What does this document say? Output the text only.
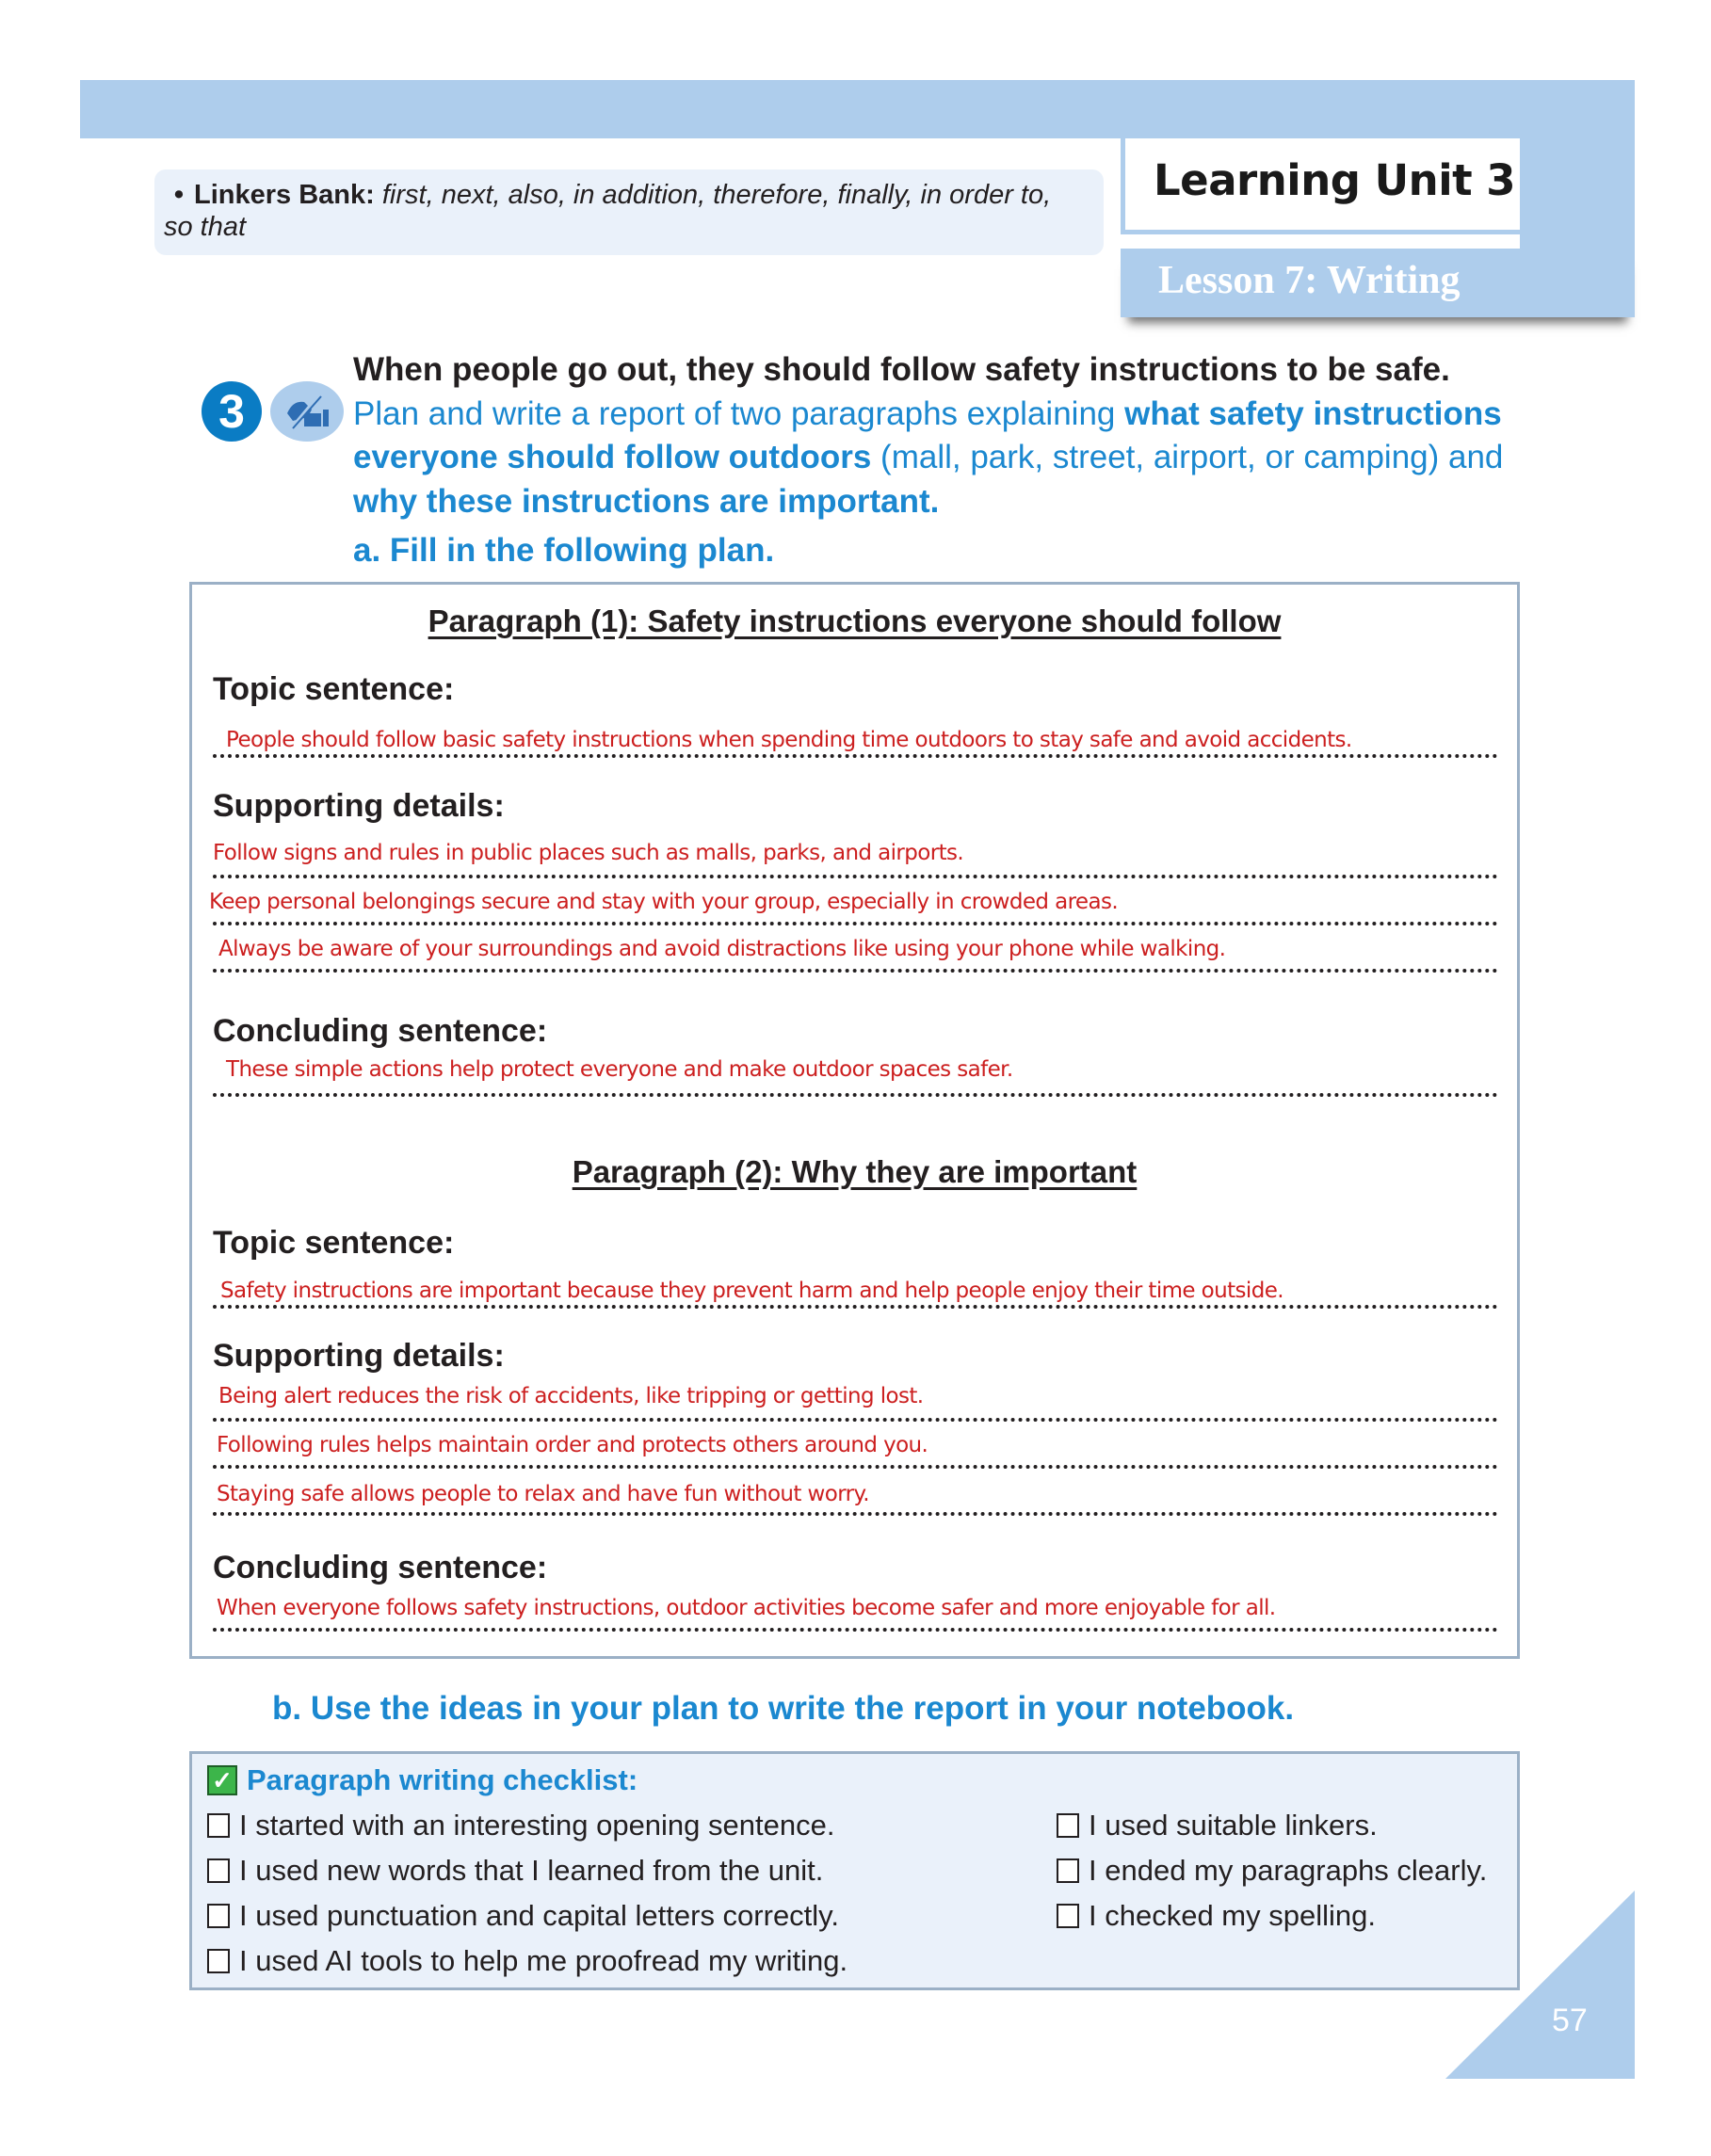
Learning Unit 3
Lesson 7: Writing
• Linkers Bank: first, next, also, in addition, therefore, finally, in order to, so that
3
When people go out, they should follow safety instructions to be safe.
Plan and write a report of two paragraphs explaining what safety instructions everyone should follow outdoors (mall, park, street, airport, or camping) and why these instructions are important.
a. Fill in the following plan.
Paragraph (1): Safety instructions everyone should follow
Topic sentence:
People should follow basic safety instructions when spending time outdoors to stay safe and avoid accidents.
Supporting details:
Follow signs and rules in public places such as malls, parks, and airports.
Keep personal belongings secure and stay with your group, especially in crowded areas.
Always be aware of your surroundings and avoid distractions like using your phone while walking.
Concluding sentence:
These simple actions help protect everyone and make outdoor spaces safer.
Paragraph (2): Why they are important
Topic sentence:
Safety instructions are important because they prevent harm and help people enjoy their time outside.
Supporting details:
Being alert reduces the risk of accidents, like tripping or getting lost.
Following rules helps maintain order and protects others around you.
Staying safe allows people to relax and have fun without worry.
Concluding sentence:
When everyone follows safety instructions, outdoor activities become safer and more enjoyable for all.
b. Use the ideas in your plan to write the report in your notebook.
✓ Paragraph writing checklist:
I started with an interesting opening sentence.
I used new words that I learned from the unit.
I used punctuation and capital letters correctly.
I used AI tools to help me proofread my writing.
I used suitable linkers.
I ended my paragraphs clearly.
I checked my spelling.
57
